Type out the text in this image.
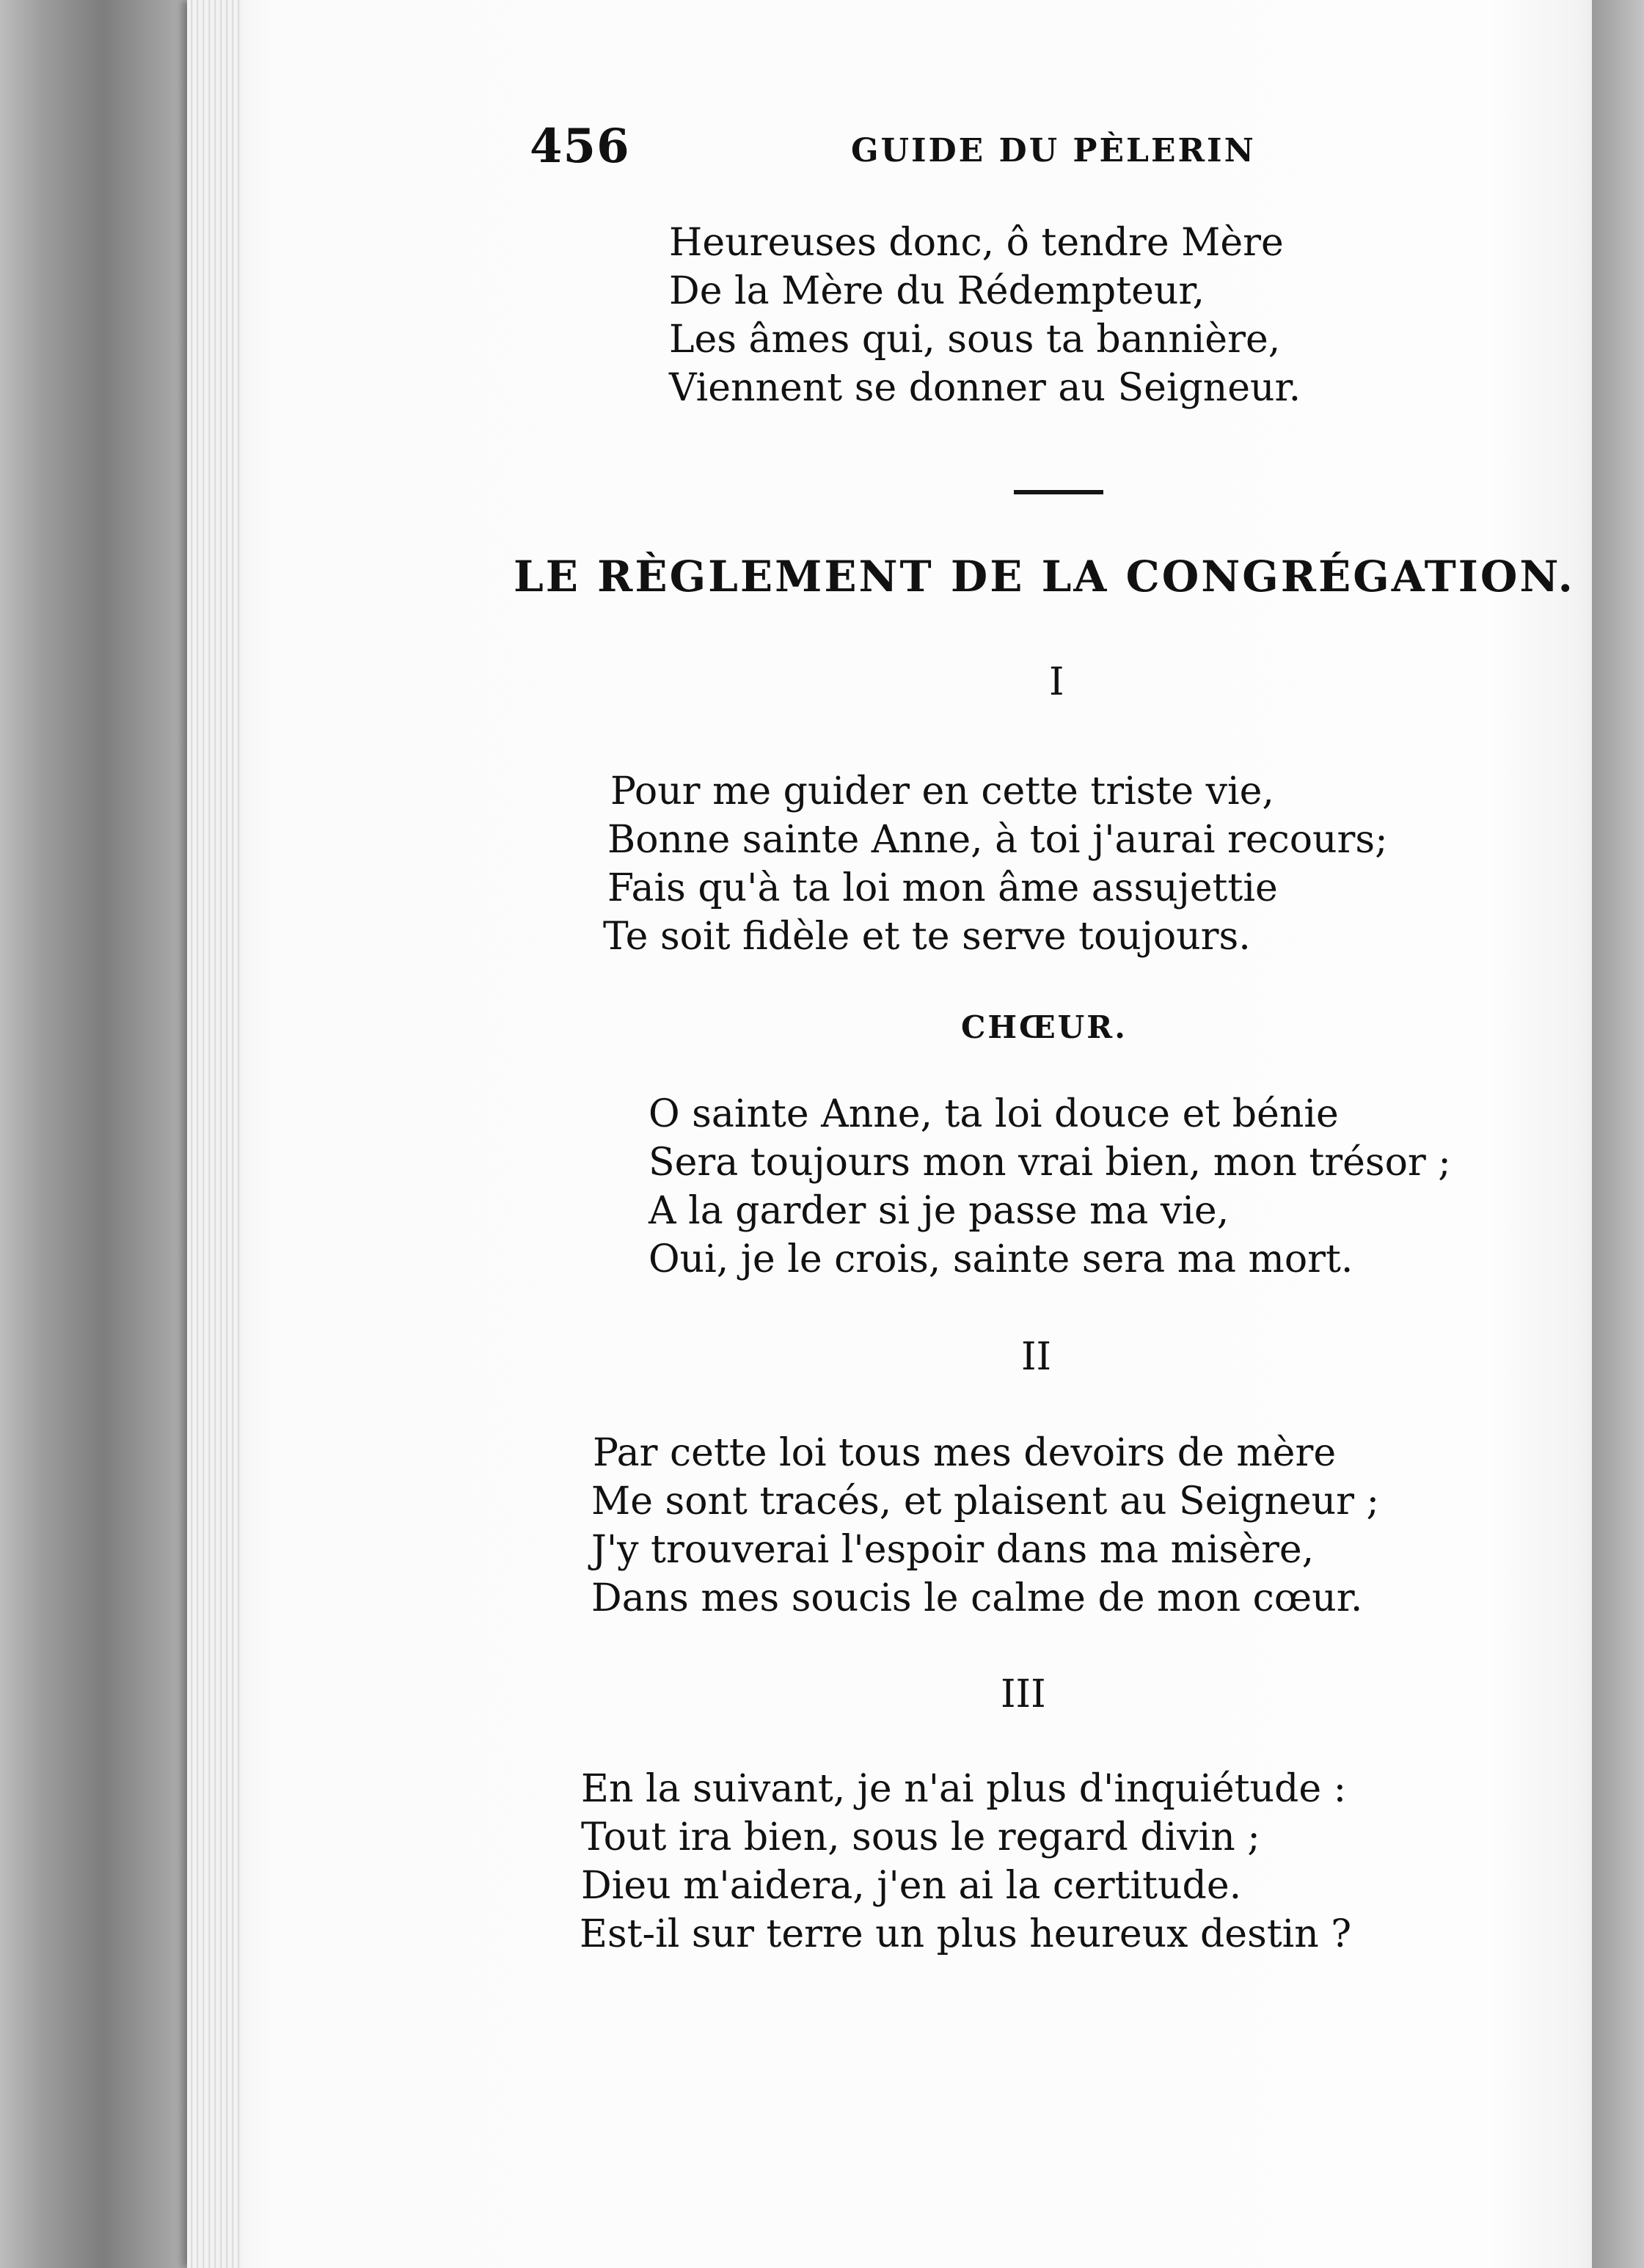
456	GUIDE DU PÈLERIN
Heureuses donc, ô tendre Mère
De la Mère du Rédempteur,
Les âmes qui, sous ta bannière,
Viennent se donner au Seigneur.
LE RÈGLEMENT DE LA CONGRÉGATION.
I
Pour me guider en cette triste vie,
Bonne sainte Anne, à toi j'aurai recours;
Fais qu'à ta loi mon âme assujettie
Te soit fidèle et te serve toujours.
CHŒUR.
O sainte Anne, ta loi douce et bénie
Sera toujours mon vrai bien, mon trésor ;
A la garder si je passe ma vie,
Oui, je le crois, sainte sera ma mort.
II
Par cette loi tous mes devoirs de mère
Me sont tracés, et plaisent au Seigneur ;
J'y trouverai l'espoir dans ma misère,
Dans mes soucis le calme de mon cœur.
III
En la suivant, je n'ai plus d'inquiétude :
Tout ira bien, sous le regard divin ;
Dieu m'aidera, j'en ai la certitude.
Est-il sur terre un plus heureux destin ?
